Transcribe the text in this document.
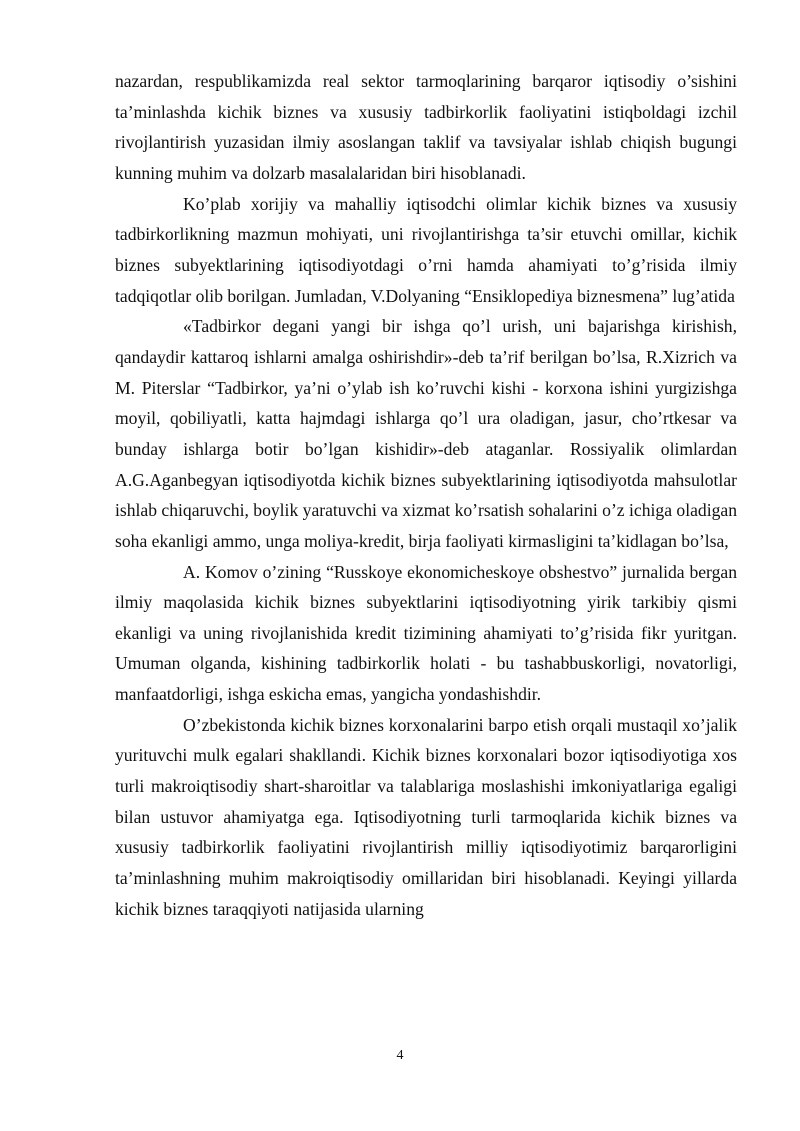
nazardan, respublikamizda real sektor tarmoqlarining barqaror iqtisodiy o’sishini ta’minlashda kichik biznes va xususiy tadbirkorlik faoliyatini istiqboldagi izchil rivojlantirish yuzasidan ilmiy asoslangan taklif va tavsiyalar ishlab chiqish bugungi kunning muhim va dolzarb masalalaridan biri hisoblanadi.

Ko’plab xorijiy va mahalliy iqtisodchi olimlar kichik biznes va xususiy tadbirkorlikning mazmun mohiyati, uni rivojlantirishga ta’sir etuvchi omillar, kichik biznes subyektlarining iqtisodiyotdagi o’rni hamda ahamiyati to’g’risida ilmiy tadqiqotlar olib borilgan. Jumladan, V.Dolyaning “Ensiklopediya biznesmena” lug’atida

«Tadbirkor degani yangi bir ishga qo’l urish, uni bajarishga kirishish, qandaydir kattaroq ishlarni amalga oshirishdir»-deb ta’rif berilgan bo’lsa, R.Xizrich va M. Piterslar “Tadbirkor, ya’ni o’ylab ish ko’ruvchi kishi - korxona ishini yurgizishga moyil, qobiliyatli, katta hajmdagi ishlarga qo’l ura oladigan, jasur, cho’rtkesar va bunday ishlarga botir bo’lgan kishidir»-deb ataganlar. Rossiyalik olimlardan A.G.Aganbegyan iqtisodiyotda kichik biznes subyektlarining iqtisodiyotda mahsulotlar ishlab chiqaruvchi, boylik yaratuvchi va xizmat ko’rsatish sohalarini o’z ichiga oladigan soha ekanligi ammo, unga moliya-kredit, birja faoliyati kirmasligini ta’kidlagan bo’lsa,

A. Komov o’zining “Russkoye ekonomicheskoye obshestvo” jurnalida bergan ilmiy maqolasida kichik biznes subyektlarini iqtisodiyotning yirik tarkibiy qismi ekanligi va uning rivojlanishida kredit tizimining ahamiyati to’g’risida fikr yuritgan. Umuman olganda, kishining tadbirkorlik holati - bu tashabbuskorligi, novatorligi, manfaatdorligi, ishga eskicha emas, yangicha yondashishdir.

O’zbekistonda kichik biznes korxonalarini barpo etish orqali mustaqil xo’jalik yurituvchi mulk egalari shakllandi. Kichik biznes korxonalari bozor iqtisodiyotiga xos turli makroiqtisodiy shart-sharoitlar va talablariga moslashishi imkoniyatlariga egaligi bilan ustuvor ahamiyatga ega. Iqtisodiyotning turli tarmoqlarida kichik biznes va xususiy tadbirkorlik faoliyatini rivojlantirish milliy iqtisodiyotimiz barqarorligini ta’minlashning muhim makroiqtisodiy omillaridan biri hisoblanadi. Keyingi yillarda kichik biznes taraqqiyoti natijasida ularning

4
